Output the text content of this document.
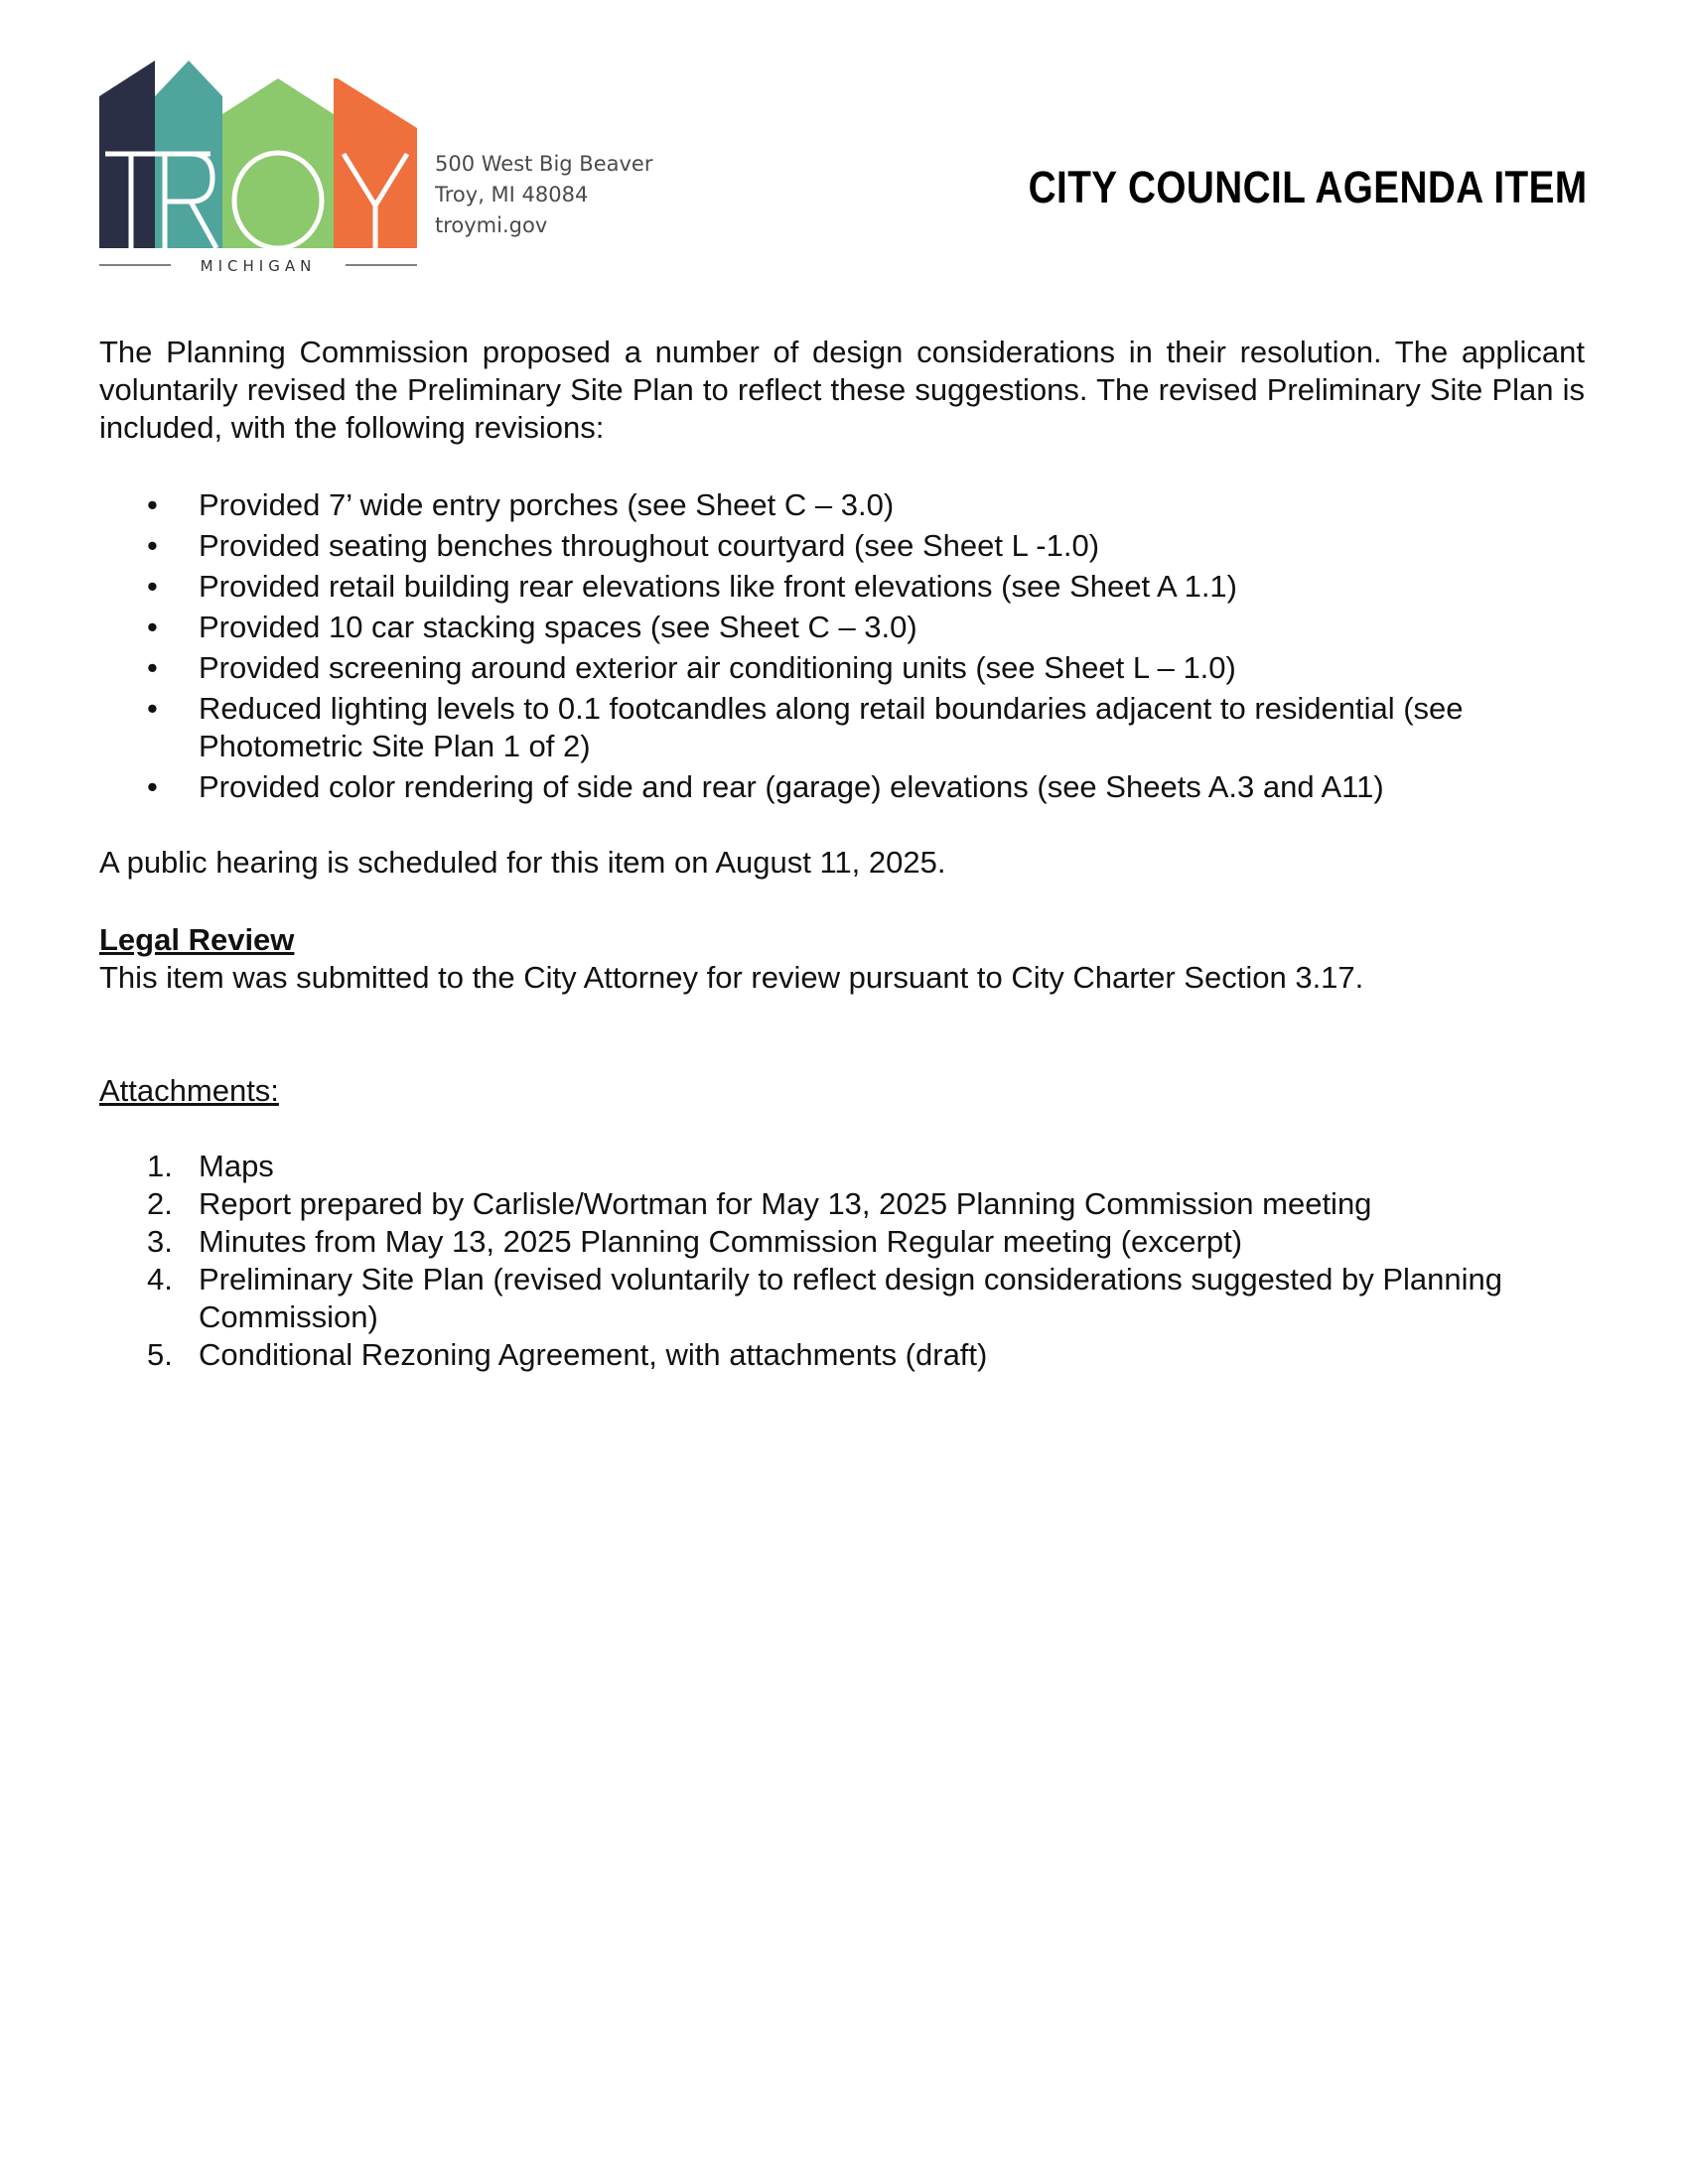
MICHIGAN
500 West Big Beaver
Troy, MI 48084
troymi.gov
CITY COUNCIL AGENDA ITEM

The Planning Commission proposed a number of design considerations in their resolution. The applicant voluntarily revised the Preliminary Site Plan to reflect these suggestions. The revised Preliminary Site Plan is included, with the following revisions:

• Provided 7’ wide entry porches (see Sheet C – 3.0)
• Provided seating benches throughout courtyard (see Sheet L -1.0)
• Provided retail building rear elevations like front elevations (see Sheet A 1.1)
• Provided 10 car stacking spaces (see Sheet C – 3.0)
• Provided screening around exterior air conditioning units (see Sheet L – 1.0)
• Reduced lighting levels to 0.1 footcandles along retail boundaries adjacent to residential (see Photometric Site Plan 1 of 2)
• Provided color rendering of side and rear (garage) elevations (see Sheets A.3 and A11)

A public hearing is scheduled for this item on August 11, 2025.

Legal Review

This item was submitted to the City Attorney for review pursuant to City Charter Section 3.17.

Attachments:
1. Maps
2. Report prepared by Carlisle/Wortman for May 13, 2025 Planning Commission meeting
3. Minutes from May 13, 2025 Planning Commission Regular meeting (excerpt)
4. Preliminary Site Plan (revised voluntarily to reflect design considerations suggested by Planning Commission)
5. Conditional Rezoning Agreement, with attachments (draft)
